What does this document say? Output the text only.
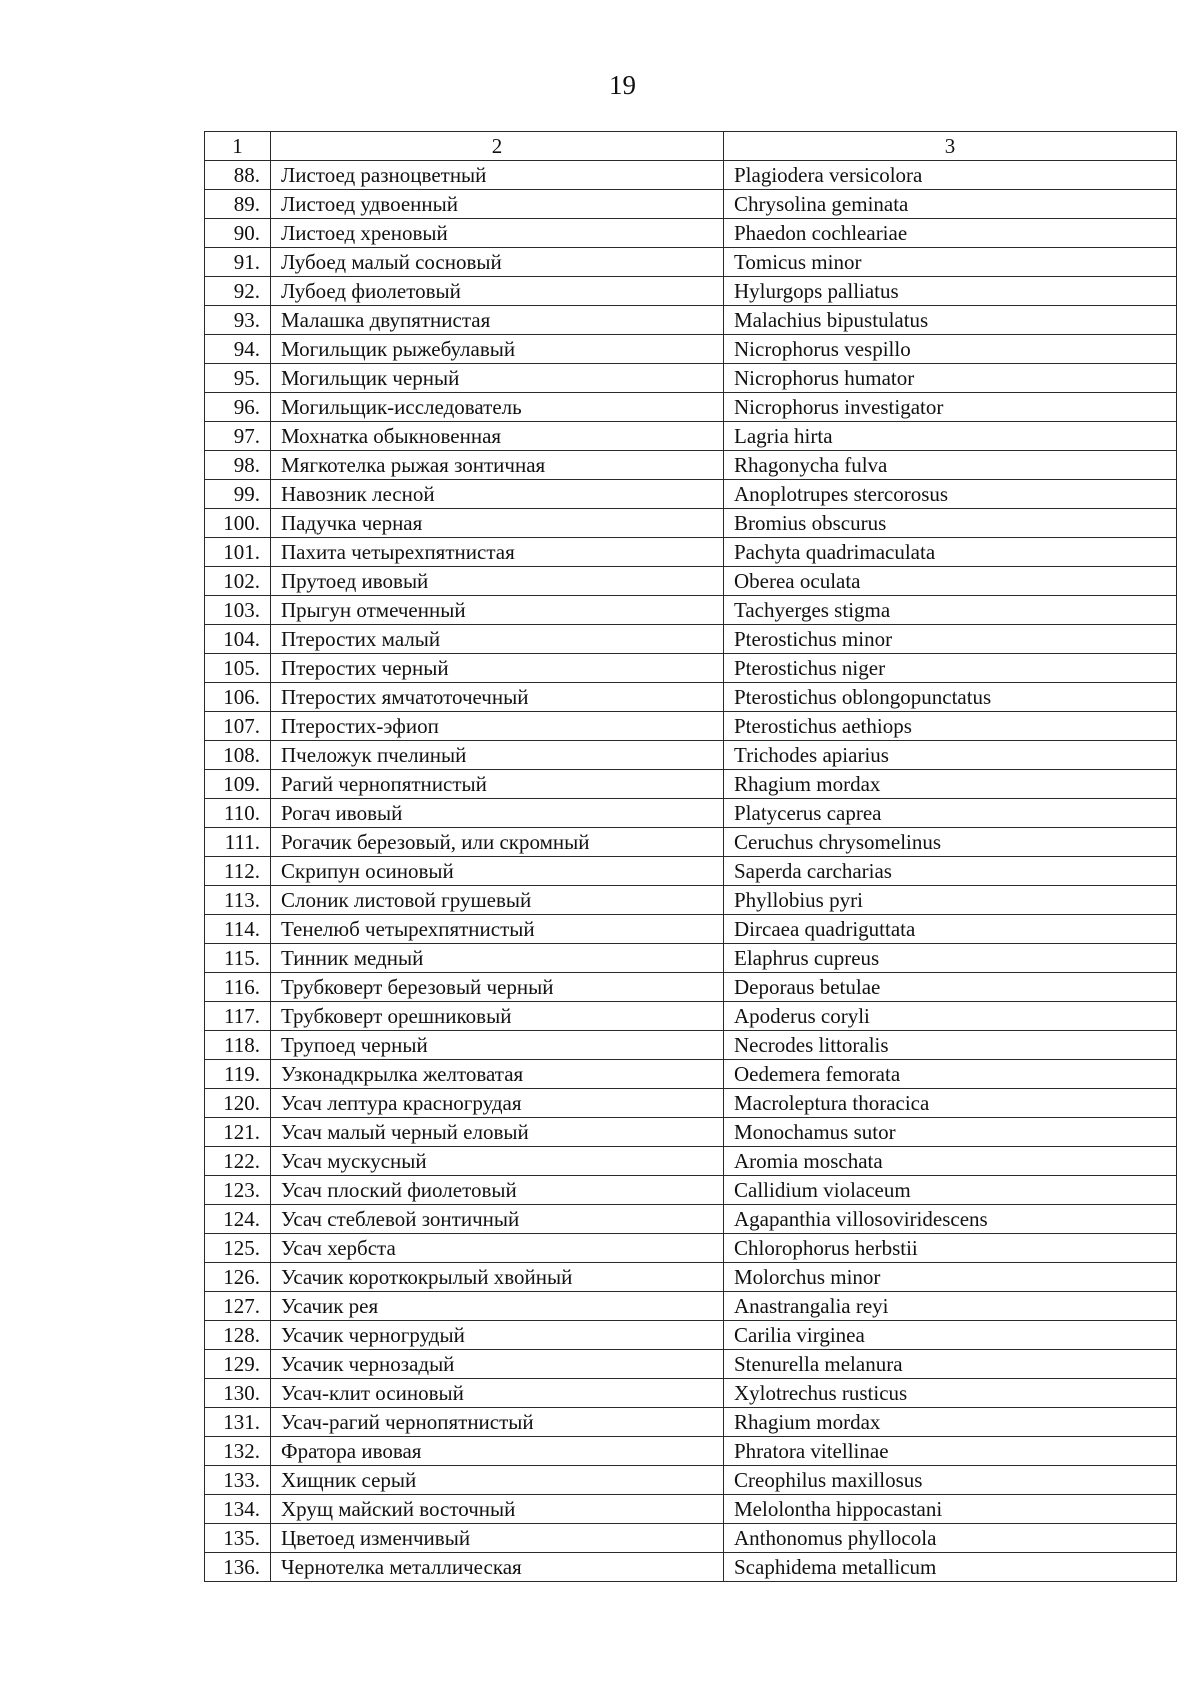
19
1	2	3
88.	Листоед разноцветный	Plagiodera versicolora
89.	Листоед удвоенный	Chrysolina geminata
90.	Листоед хреновый	Phaedon cochleariae
91.	Лубоед малый сосновый	Tomicus minor
92.	Лубоед фиолетовый	Hylurgops palliatus
93.	Малашка двупятнистая	Malachius bipustulatus
94.	Могильщик рыжебулавый	Nicrophorus vespillo
95.	Могильщик черный	Nicrophorus humator
96.	Могильщик-исследователь	Nicrophorus investigator
97.	Мохнатка обыкновенная	Lagria hirta
98.	Мягкотелка рыжая зонтичная	Rhagonycha fulva
99.	Навозник лесной	Anoplotrupes stercorosus
100.	Падучка черная	Bromius obscurus
101.	Пахита четырехпятнистая	Pachyta quadrimaculata
102.	Прутоед ивовый	Oberea oculata
103.	Прыгун отмеченный	Tachyerges stigma
104.	Птеростих малый	Pterostichus minor
105.	Птеростих черный	Pterostichus niger
106.	Птеростих ямчатоточечный	Pterostichus oblongopunctatus
107.	Птеростих-эфиоп	Pterostichus aethiops
108.	Пчеложук пчелиный	Trichodes apiarius
109.	Рагий чернопятнистый	Rhagium mordax
110.	Рогач ивовый	Platycerus caprea
111.	Рогачик березовый, или скромный	Ceruchus chrysomelinus
112.	Скрипун осиновый	Saperda carcharias
113.	Слоник листовой грушевый	Phyllobius pyri
114.	Тенелюб четырехпятнистый	Dircaea quadriguttata
115.	Тинник медный	Elaphrus cupreus
116.	Трубковерт березовый черный	Deporaus betulae
117.	Трубковерт орешниковый	Apoderus coryli
118.	Трупоед черный	Necrodes littoralis
119.	Узконадкрылка желтоватая	Oedemera femorata
120.	Усач лептура красногрудая	Macroleptura thoracica
121.	Усач малый черный еловый	Monochamus sutor
122.	Усач мускусный	Aromia moschata
123.	Усач плоский фиолетовый	Callidium violaceum
124.	Усач стеблевой зонтичный	Agapanthia villosoviridescens
125.	Усач хербста	Chlorophorus herbstii
126.	Усачик короткокрылый хвойный	Molorchus minor
127.	Усачик рея	Anastrangalia reyi
128.	Усачик черногрудый	Carilia virginea
129.	Усачик чернозадый	Stenurella melanura
130.	Усач-клит осиновый	Xylotrechus rusticus
131.	Усач-рагий чернопятнистый	Rhagium mordax
132.	Фратора ивовая	Phratora vitellinae
133.	Хищник серый	Creophilus maxillosus
134.	Хрущ майский восточный	Melolontha hippocastani
135.	Цветоед изменчивый	Anthonomus phyllocola
136.	Чернотелка металлическая	Scaphidema metallicum
